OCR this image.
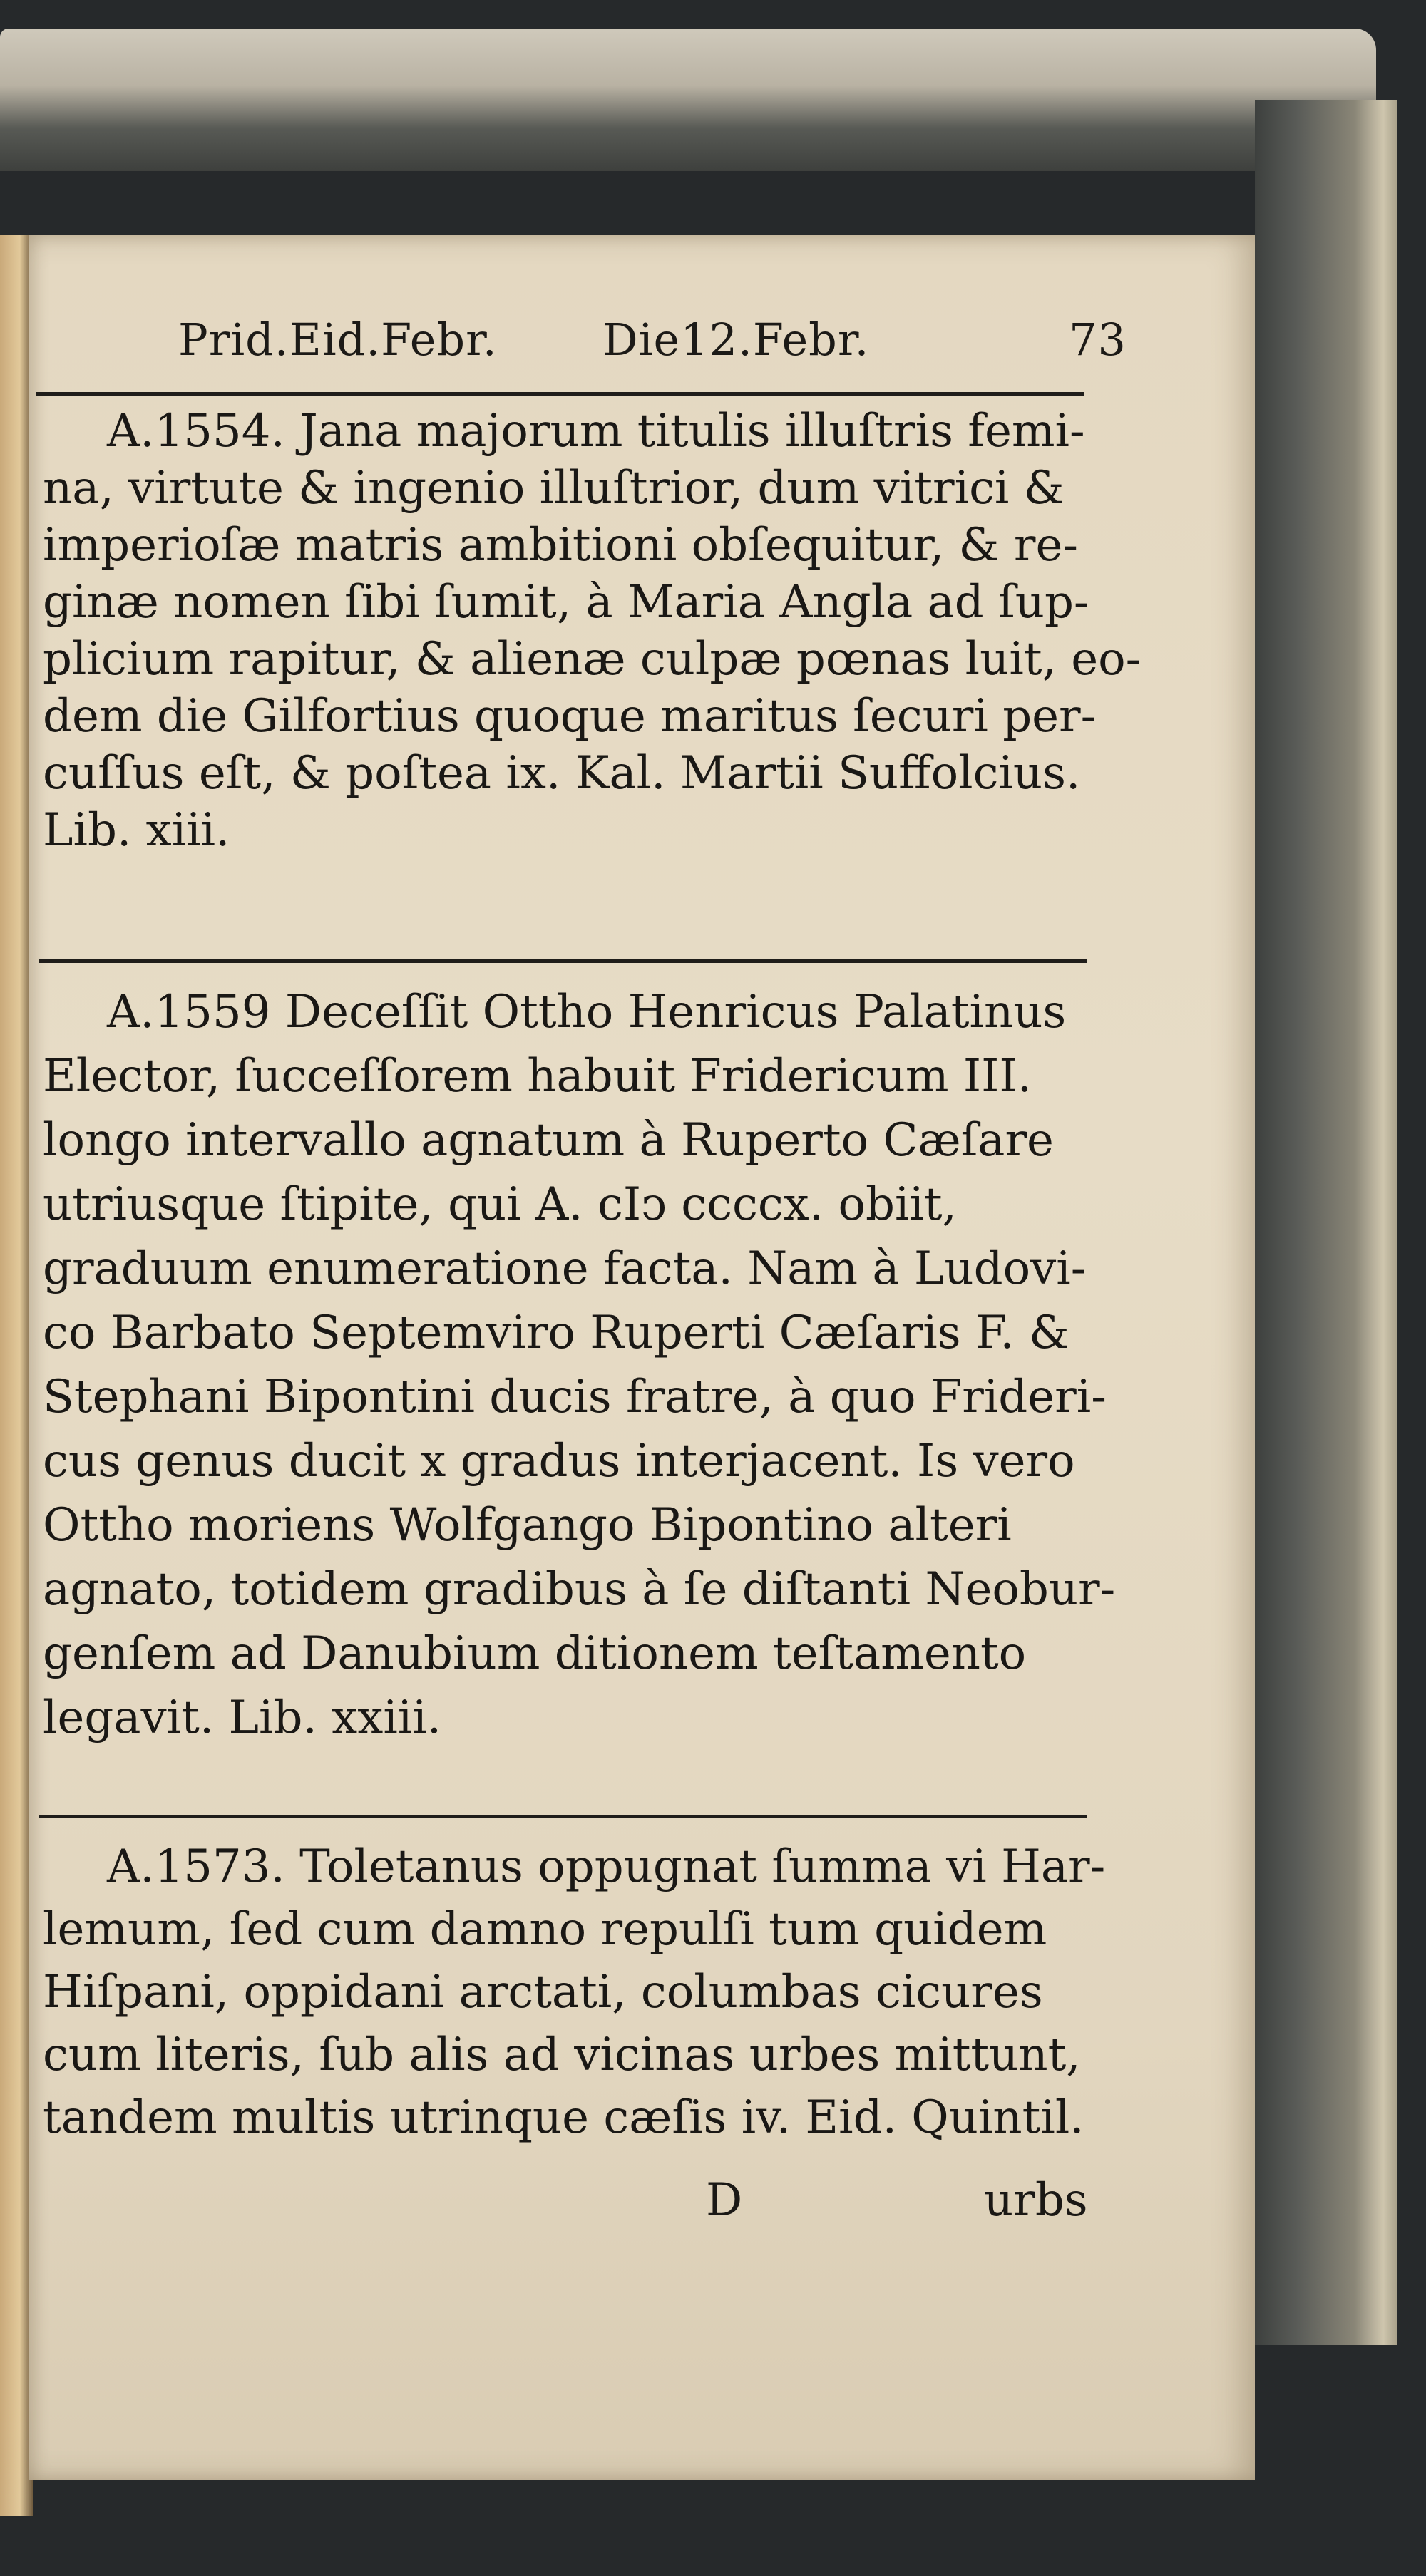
Prid.Eid.Febr. Die12.Febr.	73
A.1554. Jana majorum titulis illuſtris femi-
na, virtute & ingenio illuſtrior, dum vitrici &
imperioſæ matris ambitioni obſequitur, & re-
ginæ nomen ſibi ſumit, à Maria Angla ad ſup-
plicium rapitur, & alienæ culpæ pœnas luit, eo-
dem die Gilfortius quoque maritus ſecuri per-
cuſſus eſt, & poſtea ix. Kal. Martii Suffolcius.
Lib. xiii.
A.1559 Deceſſit Ottho Henricus Palatinus
Elector, ſucceſſorem habuit Fridericum III.
longo intervallo agnatum à Ruperto Cæſare
utriusque ſtipite, qui A. cIↄ ccccx. obiit,
graduum enumeratione facta. Nam à Ludovi-
co Barbato Septemviro Ruperti Cæſaris F. &
Stephani Bipontini ducis fratre, à quo Frideri-
cus genus ducit x gradus interjacent. Is vero
Ottho moriens Wolfgango Bipontino alteri
agnato, totidem gradibus à ſe diſtanti Neobur-
genſem ad Danubium ditionem teſtamento
legavit. Lib. xxiii.
A.1573. Toletanus oppugnat ſumma vi Har-
lemum, ſed cum damno repulſi tum quidem
Hiſpani, oppidani arctati, columbas cicures
cum literis, ſub alis ad vicinas urbes mittunt,
tandem multis utrinque cæſis iv. Eid. Quintil.
D	urbs
